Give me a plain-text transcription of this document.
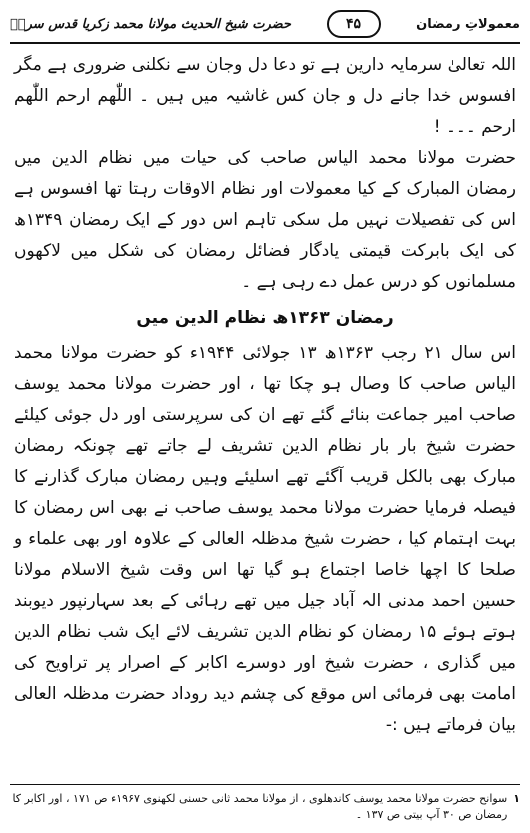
حضرت شیخ الحدیث مولانا محمد زکریا قدس سرہٗ	۴۵	معمولاتِ رمضان

اللہ تعالیٰ سرمایہ دارین ہے تو دعا دل وجان سے نکلنی ضروری ہے مگر افسوس خدا جانے دل و جان کس غاشیہ میں ہیں ۔ اللّٰھم ارحم اللّٰھم ارحم ۔۔۔ !

حضرت مولانا محمد الیاس صاحب کی حیات میں نظام الدین میں رمضان المبارک کے کیا معمولات اور نظام الاوقات رہتا تھا افسوس ہے اس کی تفصیلات نہیں مل سکی تاہم اس دور کے ایک رمضان ۱۳۴۹ھ کی ایک بابرکت قیمتی یادگار فضائل رمضان کی شکل میں لاکھوں مسلمانوں کو درس عمل دے رہی ہے ۔

رمضان ۱۳۶۳ھ نظام الدین میں

اس سال ۲۱ رجب ۱۳۶۳ھ ۱۳ جولائی ۱۹۴۴ء کو حضرت مولانا محمد الیاس صاحب کا وصال ہو چکا تھا ، اور حضرت مولانا محمد یوسف صاحب امیر جماعت بنائے گئے تھے ان کی سرپرستی اور دل جوئی کیلئے حضرت شیخ بار بار نظام الدین تشریف لے جاتے تھے چونکہ رمضان مبارک بھی بالکل قریب آگئے تھے اسلیئے وہیں رمضان مبارک گذارنے کا فیصلہ فرمایا حضرت مولانا محمد یوسف صاحب نے بھی اس رمضان کا بہت اہتمام کیا ، حضرت شیخ مدظلہ العالی کے علاوہ اور بھی علماء و صلحا کا اچھا خاصا اجتماع ہو گیا تھا اس وقت شیخ الاسلام مولانا حسین احمد مدنی الہ آباد جیل میں تھے رہائی کے بعد سہارنپور دیوبند ہوتے ہوئے ۱۵ رمضان کو نظام الدین تشریف لائے ایک شب نظام الدین میں گذاری ، حضرت شیخ اور دوسرے اکابر کے اصرار پر تراویح کی امامت بھی فرمائی اس موقع کی چشم دید روداد حضرت مدظلہ العالی بیان فرماتے ہیں :-

۱
سوانح حضرت مولانا محمد یوسف کاندھلوی ، از مولانا محمد ثانی حسنی لکھنوی ۱۹۶۷ء ص ۱۷۱ ، اور اکابر کا رمضان ص ۳۰ آپ بیتی ص ۱۳۷ ۔
